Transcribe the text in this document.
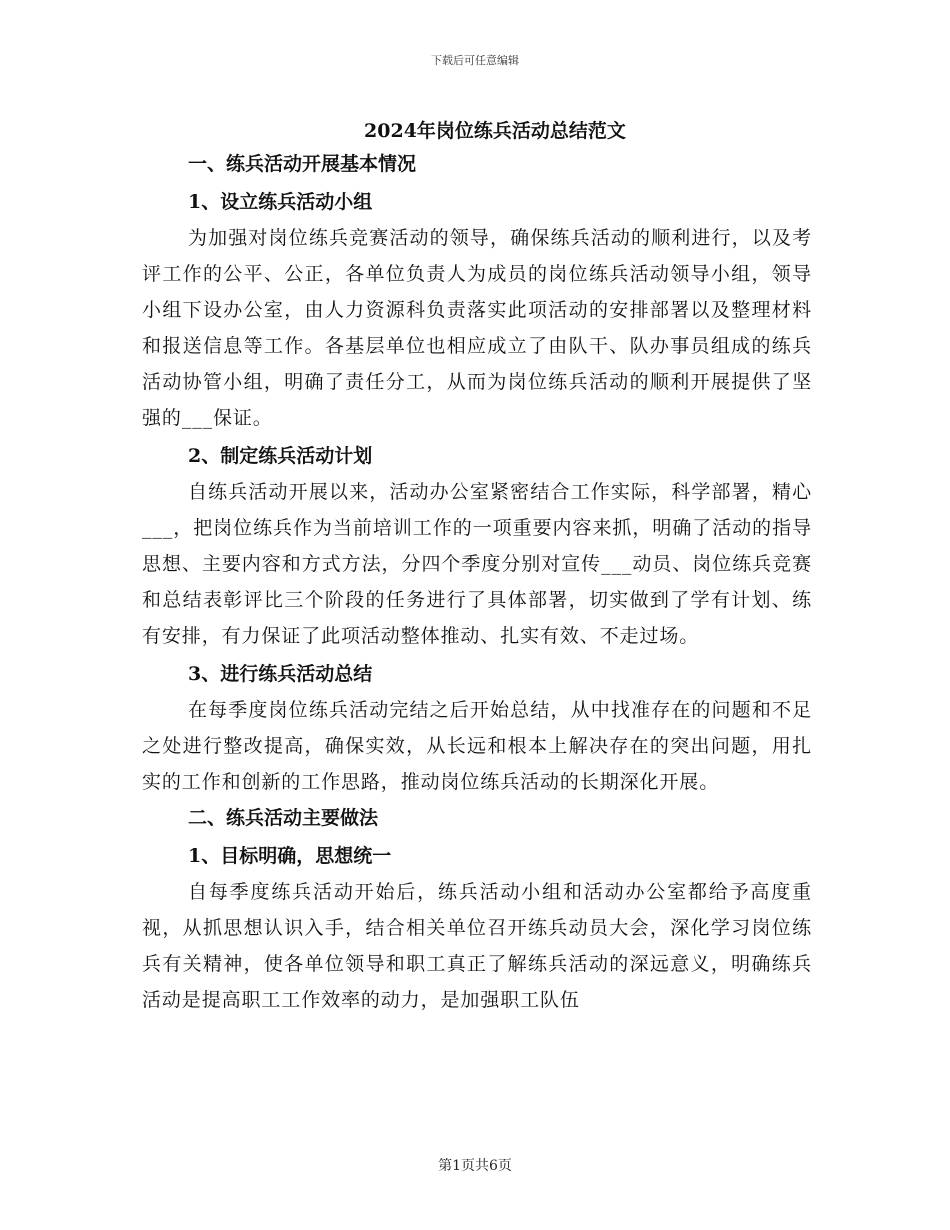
下载后可任意编辑
2024年岗位练兵活动总结范文
一、练兵活动开展基本情况
1、设立练兵活动小组

为加强对岗位练兵竞赛活动的领导，确保练兵活动的顺利进行，以及考评工作的公平、公正，各单位负责人为成员的岗位练兵活动领导小组，领导小组下设办公室，由人力资源科负责落实此项活动的安排部署以及整理材料和报送信息等工作。各基层单位也相应成立了由队干、队办事员组成的练兵活动协管小组，明确了责任分工，从而为岗位练兵活动的顺利开展提供了坚强的___保证。

2、制定练兵活动计划

自练兵活动开展以来，活动办公室紧密结合工作实际，科学部署，精心___，把岗位练兵作为当前培训工作的一项重要内容来抓，明确了活动的指导思想、主要内容和方式方法，分四个季度分别对宣传___动员、岗位练兵竞赛和总结表彰评比三个阶段的任务进行了具体部署，切实做到了学有计划、练有安排，有力保证了此项活动整体推动、扎实有效、不走过场。

3、进行练兵活动总结

在每季度岗位练兵活动完结之后开始总结，从中找准存在的问题和不足之处进行整改提高，确保实效，从长远和根本上解决存在的突出问题，用扎实的工作和创新的工作思路，推动岗位练兵活动的长期深化开展。

二、练兵活动主要做法
1、目标明确，思想统一

自每季度练兵活动开始后，练兵活动小组和活动办公室都给予高度重视，从抓思想认识入手，结合相关单位召开练兵动员大会，深化学习岗位练兵有关精神，使各单位领导和职工真正了解练兵活动的深远意义，明确练兵活动是提高职工工作效率的动力，是加强职工队伍

第1页共6页
